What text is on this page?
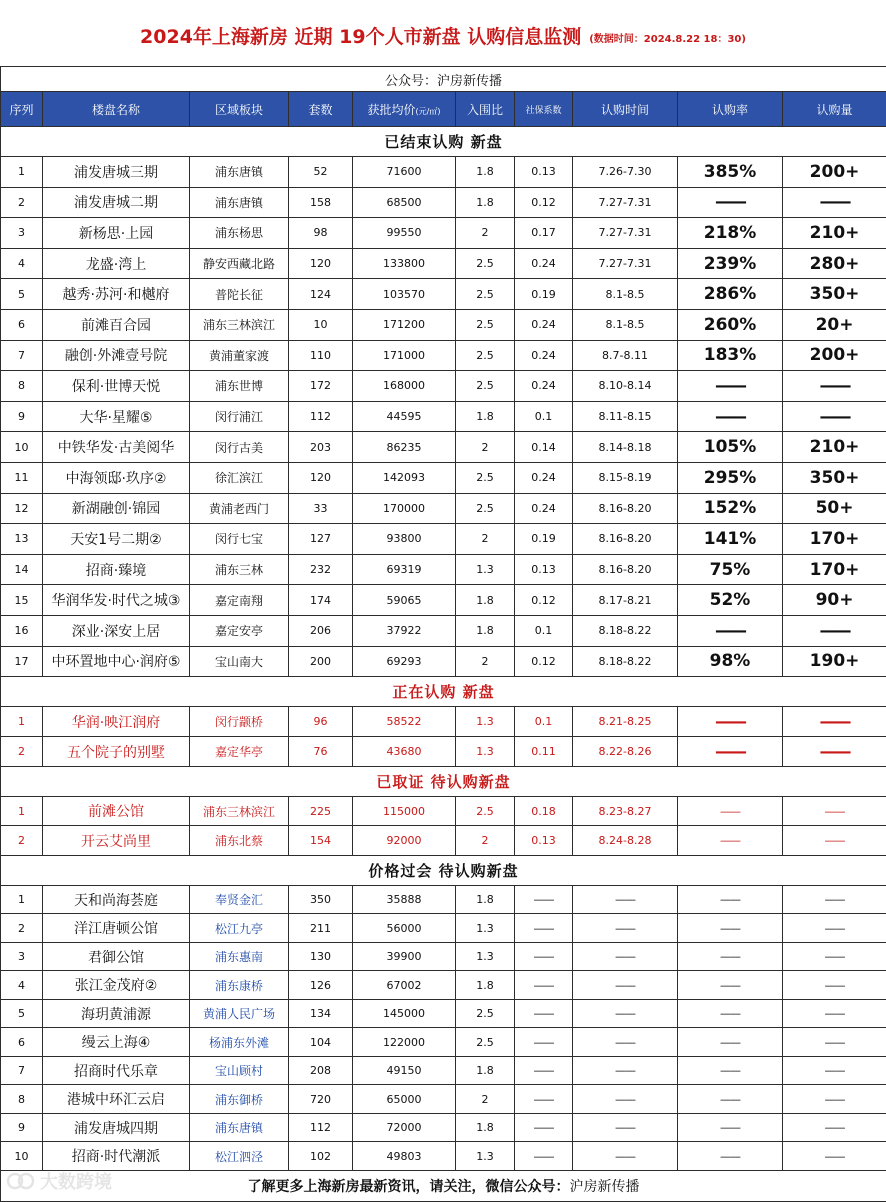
2024年上海新房 近期 19个人市新盘 认购信息监测 (数据时间：2024.8.22 18：30)
公众号：沪房新传播									
序列	楼盘名称	区域板块	套数	获批均价(元/㎡)	入围比	社保系数	认购时间	认购率	认购量
已结束认购 新盘									
1	浦发唐城三期	浦东唐镇	52	71600	1.8	0.13	7.26-7.30	385%	200+
2	浦发唐城二期	浦东唐镇	158	68500	1.8	0.12	7.27-7.31	——	——
3	新杨思·上园	浦东杨思	98	99550	2	0.17	7.27-7.31	218%	210+
4	龙盛·湾上	静安西藏北路	120	133800	2.5	0.24	7.27-7.31	239%	280+
5	越秀·苏河·和樾府	普陀长征	124	103570	2.5	0.19	8.1-8.5	286%	350+
6	前滩百合园	浦东三林滨江	10	171200	2.5	0.24	8.1-8.5	260%	20+
7	融创·外滩壹号院	黄浦董家渡	110	171000	2.5	0.24	8.7-8.11	183%	200+
8	保利·世博天悦	浦东世博	172	168000	2.5	0.24	8.10-8.14	——	——
9	大华·星耀⑤	闵行浦江	112	44595	1.8	0.1	8.11-8.15	——	——
10	中铁华发·古美阅华	闵行古美	203	86235	2	0.14	8.14-8.18	105%	210+
11	中海领邸·玖序②	徐汇滨江	120	142093	2.5	0.24	8.15-8.19	295%	350+
12	新湖融创·锦园	黄浦老西门	33	170000	2.5	0.24	8.16-8.20	152%	50+
13	天安1号二期②	闵行七宝	127	93800	2	0.19	8.16-8.20	141%	170+
14	招商·臻境	浦东三林	232	69319	1.3	0.13	8.16-8.20	75%	170+
15	华润华发·时代之城③	嘉定南翔	174	59065	1.8	0.12	8.17-8.21	52%	90+
16	深业·深安上居	嘉定安亭	206	37922	1.8	0.1	8.18-8.22	——	——
17	中环置地中心·润府⑤	宝山南大	200	69293	2	0.12	8.18-8.22	98%	190+
正在认购 新盘									
1	华润·映江润府	闵行颛桥	96	58522	1.3	0.1	8.21-8.25	——	——
2	五个院子的别墅	嘉定华亭	76	43680	1.3	0.11	8.22-8.26	——	——
已取证 待认购新盘									
1	前滩公馆	浦东三林滨江	225	115000	2.5	0.18	8.23-8.27	——	——
2	开云艾尚里	浦东北蔡	154	92000	2	0.13	8.24-8.28	——	——
价格过会 待认购新盘									
1	天和尚海荟庭	奉贤金汇	350	35888	1.8	——	——	——	——
2	洋江唐顿公馆	松江九亭	211	56000	1.3	——	——	——	——
3	君御公馆	浦东惠南	130	39900	1.3	——	——	——	——
4	张江金茂府②	浦东康桥	126	67002	1.8	——	——	——	——
5	海玥黄浦源	黄浦人民广场	134	145000	2.5	——	——	——	——
6	缦云上海④	杨浦东外滩	104	122000	2.5	——	——	——	——
7	招商时代乐章	宝山顾村	208	49150	1.8	——	——	——	——
8	港城中环汇云启	浦东御桥	720	65000	2	——	——	——	——
9	浦发唐城四期	浦东唐镇	112	72000	1.8	——	——	——	——
10	招商·时代潮派	松江泗泾	102	49803	1.3	——	——	——	——
了解更多上海新房最新资讯，请关注，微信公众号：沪房新传播									
大数跨境
